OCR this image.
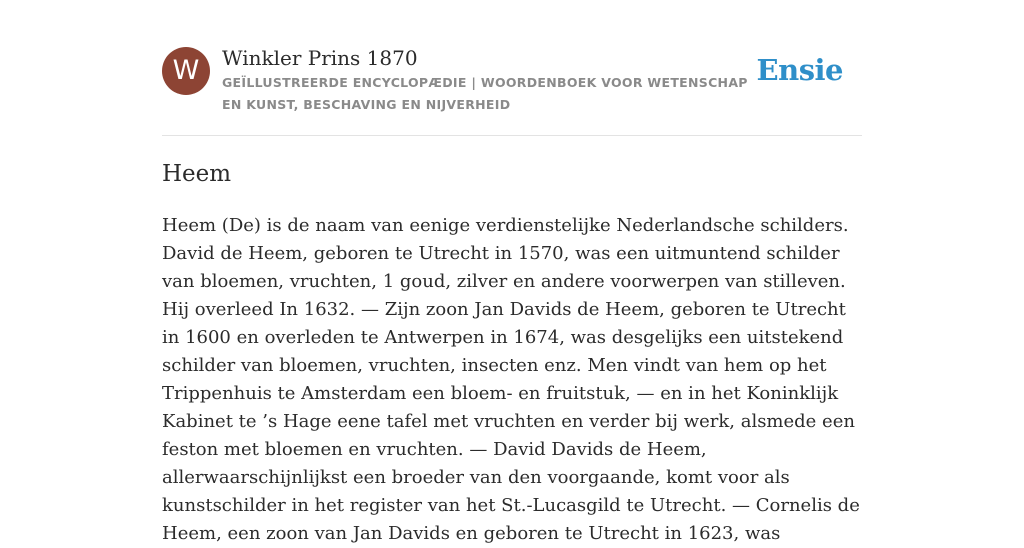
W	Winkler Prins 1870
GEÏLLUSTREERDE ENCYCLOPÆDIE | WOORDENBOEK VOOR WETENSCHAP EN KUNST, BESCHAVING EN NIJVERHEID
Ensie
Heem

Heem (De) is de naam van eenige verdienstelijke Nederlandsche schilders. David de Heem, geboren te Utrecht in 1570, was een uitmuntend schilder van bloemen, vruchten, 1 goud, zilver en andere voorwerpen van stilleven. Hij overleed In 1632. — Zijn zoon Jan Davids de Heem, geboren te Utrecht in 1600 en overleden te Antwerpen in 1674, was desgelijks een uitstekend schilder van bloemen, vruchten, insecten enz. Men vindt van hem op het Trippenhuis te Amsterdam een bloem- en fruitstuk, — en in het Koninklijk Kabinet te ’s Hage eene tafel met vruchten en verder bij werk, alsmede een feston met bloemen en vruchten. — David Davids de Heem, allerwaarschijnlijkst een broeder van den voorgaande, komt voor als kunstschilder in het register van het St.-Lucasgild te Utrecht. — Cornelis de Heem, een zoon van Jan Davids en geboren te Utrecht in 1623, was
